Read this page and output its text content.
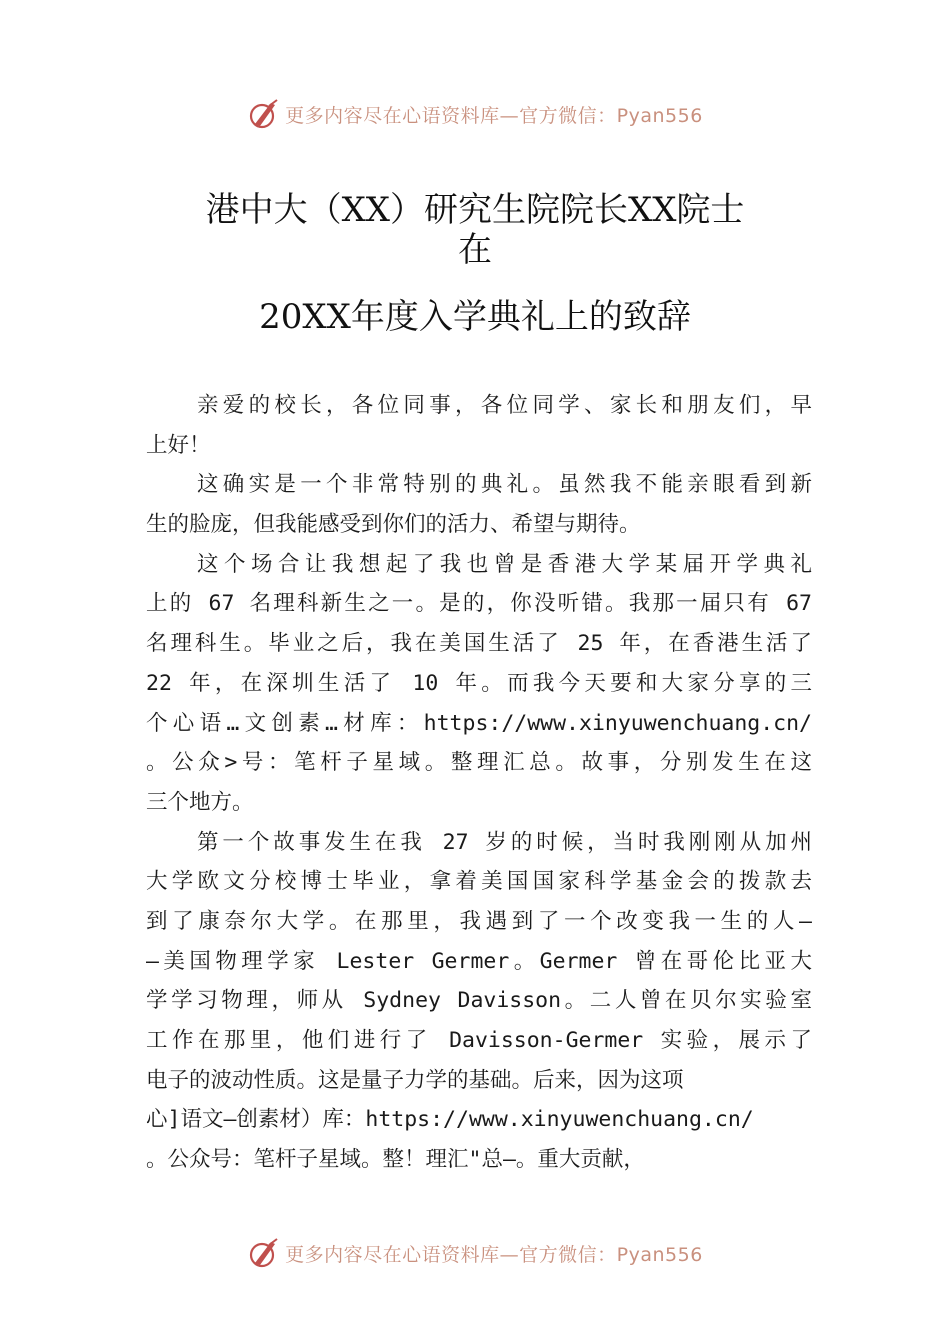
更多内容尽在心语资料库—官方微信：Pyan556
港中大（XX）研究生院院长XX院士
在
20XX年度入学典礼上的致辞
亲爱的校长，各位同事，各位同学、家长和朋友们，早
上好！
这确实是一个非常特别的典礼。虽然我不能亲眼看到新
生的脸庞，但我能感受到你们的活力、希望与期待。
这个场合让我想起了我也曾是香港大学某届开学典礼
上的 67 名理科新生之一。是的，你没听错。我那一届只有 67
名理科生。毕业之后，我在美国生活了 25 年，在香港生活了
22 年，在深圳生活了 10 年。而我今天要和大家分享的三
个心语…文创素…材库：https://www.xinyuwenchuang.cn/
。公众>号：笔杆子星域。整理汇总。故事，分别发生在这
三个地方。
第一个故事发生在我 27 岁的时候，当时我刚刚从加州
大学欧文分校博士毕业，拿着美国国家科学基金会的拨款去
到了康奈尔大学。在那里，我遇到了一个改变我一生的人—
—美国物理学家 Lester Germer。Germer 曾在哥伦比亚大
学学习物理，师从 Sydney Davisson。二人曾在贝尔实验室
工作在那里，他们进行了 Davisson-Germer 实验，展示了
电子的波动性质。这是量子力学的基础。后来，因为这项
心]语文—创素材）库：https://www.xinyuwenchuang.cn/
。公众号：笔杆子星域。整！理汇"总—。重大贡献，
更多内容尽在心语资料库—官方微信：Pyan556
